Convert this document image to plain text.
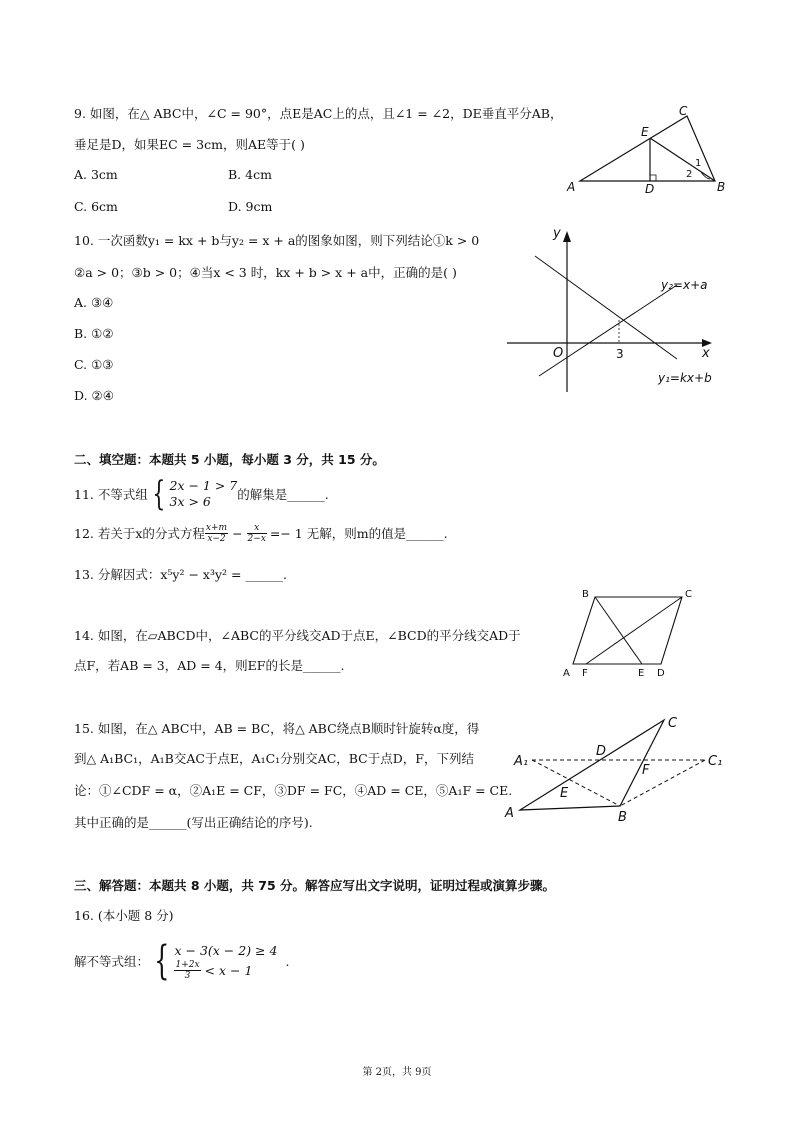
9. 如图，在△ ABC中，∠C = 90°，点E是AC上的点，且∠1 = ∠2，DE垂直平分AB，
垂足是D，如果EC = 3cm，则AE等于( )
A. 3cm	B. 4cm
C. 6cm	D. 9cm
C
E
A	D	B
1
2
10. 一次函数y₁ = kx + b与y₂ = x + a的图象如图，则下列结论①k > 0
②a > 0；③b > 0；④当x < 3 时，kx + b > x + a中，正确的是( )
A. ③④
B. ①②
C. ①③
D. ②④
y
x
O	3
y₂=x+a
y₁=kx+b
二、填空题：本题共 5 小题，每小题 3 分，共 15 分。
11. 不等式组 { 2x − 1 > 7
3x > 6	的解集是______.
12. 若关于x的分式方程 $\frac{x+m}{x-2} - \frac{x}{2-x} =- 1$ 无解，则m的值是______.
13. 分解因式：x⁵y² − x³y² = ______.
14. 如图，在▱ABCD中，∠ABC的平分线交AD于点E，∠BCD的平分线交AD于
点F，若AB = 3，AD = 4，则EF的长是______.
B	C
A F	E D
15. 如图，在△ ABC中，AB = BC，将△ ABC绕点B顺时针旋转α度，得
到△ A₁BC₁，A₁B交AC于点E，A₁C₁分别交AC，BC于点D，F，下列结
论：①∠CDF = α，②A₁E = CF，③DF = FC，④AD = CE，⑤A₁F = CE.
其中正确的是______(写出正确结论的序号).
C
A₁
D
C₁
F
E
A	B
三、解答题：本题共 8 小题，共 75 分。解答应写出文字说明，证明过程或演算步骤。
16. (本小题 8 分)
解不等式组： { x − 3(x − 2) ≥ 4
$\frac{1+2x}{3} < x - 1$
.
第 2页，共 9页
